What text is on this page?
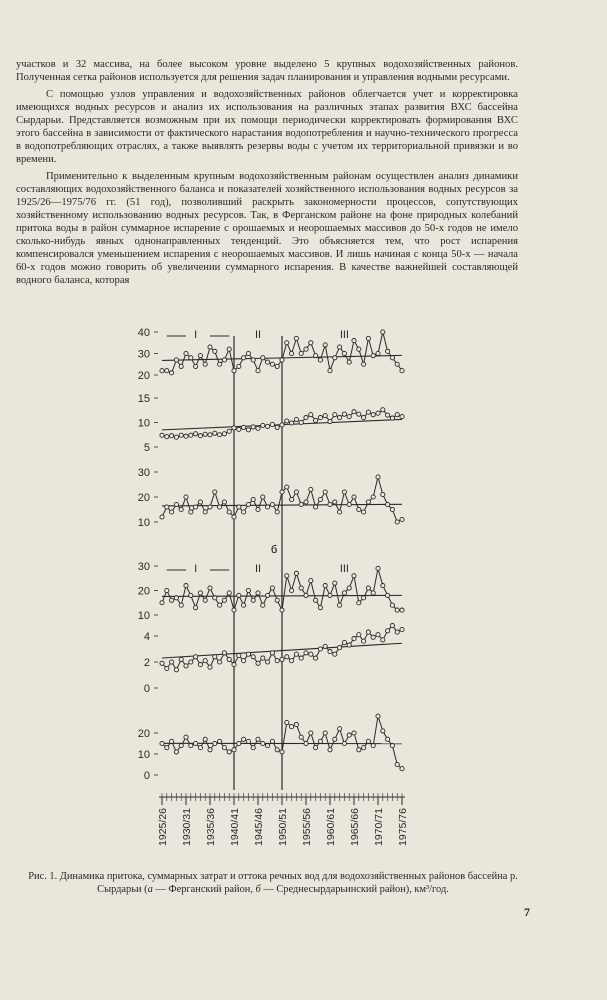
участков и 32 массива, на более высоком уровне выделено 5 крупных водохозяйственных районов. Полученная сетка районов используется для решения задач планирования и управления водными ресурсами.

С помощью узлов управления и водохозяйственных районов облегчается учет и корректировка имеющихся водных ресурсов и анализ их использования на различных этапах развития ВХС бассейна Сырдарьи. Представляется возможным при их помощи периодически корректировать формирования ВХС этого бассейна в зависимости от фактического нарастания водопотребления и научно-технического прогресса в водопотребляющих отраслях, а также выявлять резервы воды с учетом их территориальной привязки и во времени.

Применительно к выделенным крупным водохозяйственным районам осуществлен анализ динамики составляющих водохозяйственного баланса и показателей хозяйственного использования водных ресурсов за 1925/26—1975/76 гг. (51 год), позволивший раскрыть закономерности процессов, сопутствующих хозяйственному использованию водных ресурсов. Так, в Ферганском районе на фоне природных колебаний притока воды в район суммарное испарение с орошаемых и неорошаемых массивов до 50-х годов не имело сколько-нибудь явных однонаправленных тенденций. Это объясняется тем, что рост испарения компенсировался уменьшением испарения с неорошаемых массивов. И лишь начиная с конца 50-х — начала 60-х годов можно говорить об увеличении суммарного испарения. В качестве важнейшей составляющей водного баланса, которая

20
30
40	I	II	III
5
10
15
10
20
30
10
20
30	I	II	III
0
2
4
0
10
20
б
1925/26 1930/31 1935/36 1940/41 1945/46 1950/51 1955/56 1960/61 1965/66 1970/71 1975/76
Рис. 1. Динамика притока, суммарных затрат и оттока речных вод для водохозяйственных районов бассейна р. Сырдарьи (а — Ферганский район, б — Среднесырдарьинский район), км³/год.
7
